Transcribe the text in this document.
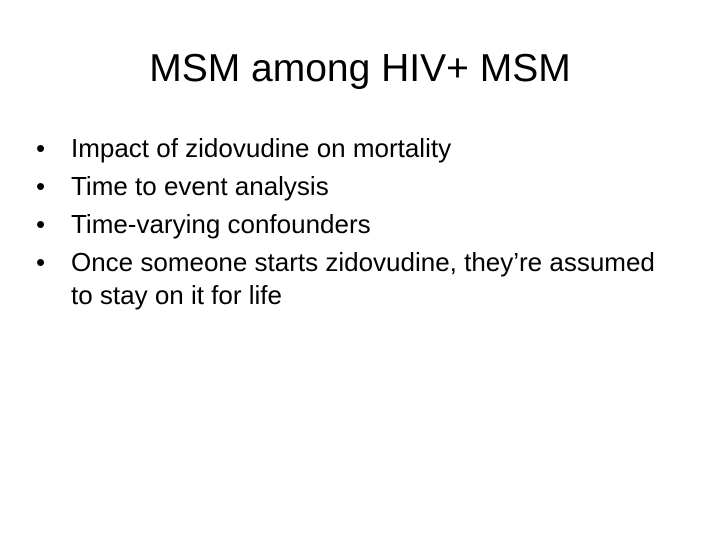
MSM among HIV+ MSM
• Impact of zidovudine on mortality
• Time to event analysis
• Time-varying confounders
• Once someone starts zidovudine, they’re assumed to stay on it for life
